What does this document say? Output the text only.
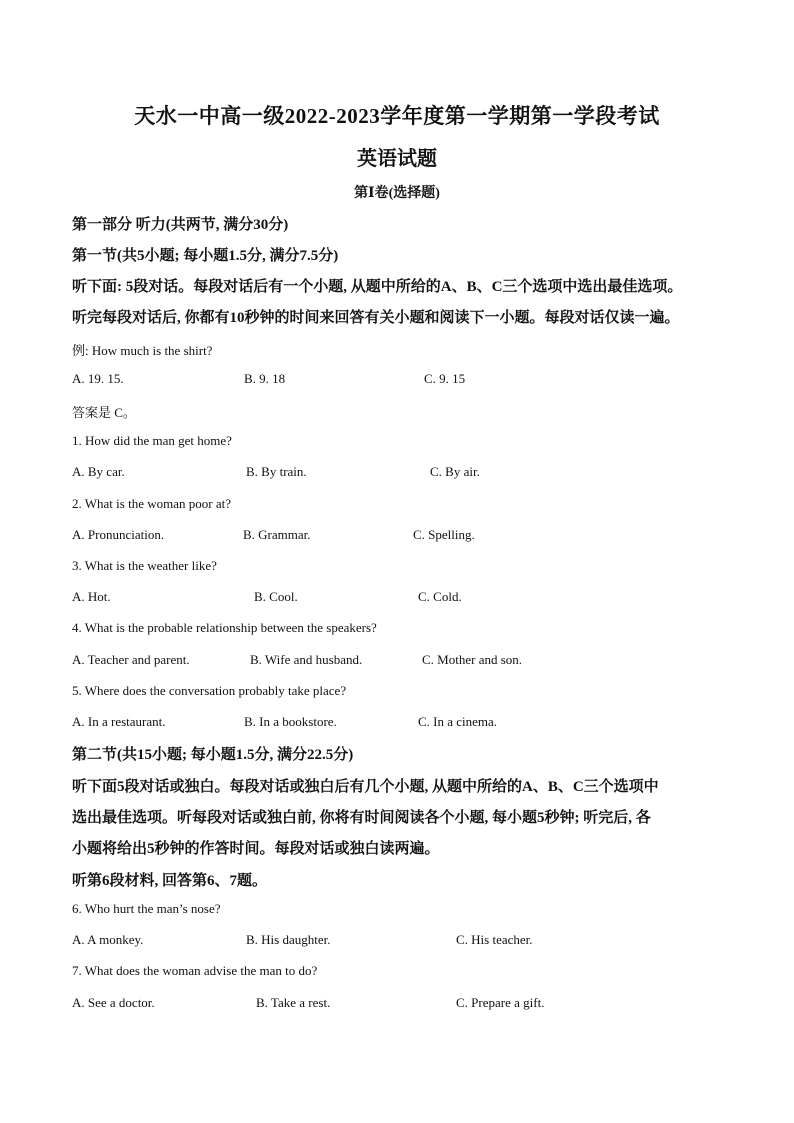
天水一中高一级2022-2023学年度第一学期第一学段考试
英语试题
第Ⅰ卷(选择题)
第一部分 听力(共两节, 满分30分)
第一节(共5小题; 每小题1.5分, 满分7.5分)
听下面: 5段对话。每段对话后有一个小题, 从题中所给的A、B、C三个选项中选出最佳选项。
听完每段对话后, 你都有10秒钟的时间来回答有关小题和阅读下一小题。每段对话仅读一遍。
例: How much is the shirt?
A. 19. 15.	B. 9. 18	C. 9. 15
答案是 C。
1. How did the man get home?
A. By car.	B. By train.	C. By air.
2. What is the woman poor at?
A. Pronunciation.	B. Grammar.	C. Spelling.
3. What is the weather like?
A. Hot.	B. Cool.	C. Cold.
4. What is the probable relationship between the speakers?
A. Teacher and parent.	B. Wife and husband.	C. Mother and son.
5. Where does the conversation probably take place?
A. In a restaurant.	B. In a bookstore.	C. In a cinema.
第二节(共15小题; 每小题1.5分, 满分22.5分)
听下面5段对话或独白。每段对话或独白后有几个小题, 从题中所给的A、B、C三个选项中
选出最佳选项。听每段对话或独白前, 你将有时间阅读各个小题, 每小题5秒钟; 听完后, 各
小题将给出5秒钟的作答时间。每段对话或独白读两遍。
听第6段材料, 回答第6、7题。
6. Who hurt the man’s nose?
A. A monkey.	B. His daughter.	C. His teacher.
7. What does the woman advise the man to do?
A. See a doctor.	B. Take a rest.	C. Prepare a gift.
